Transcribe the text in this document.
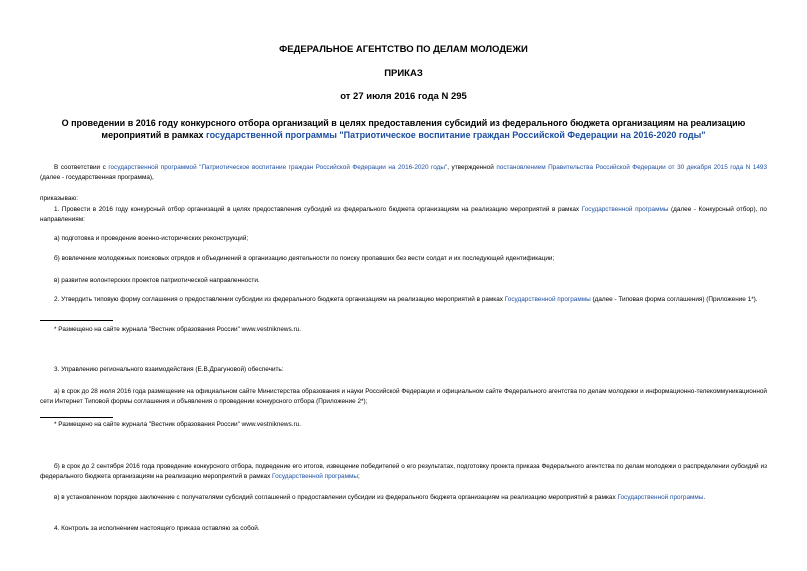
ФЕДЕРАЛЬНОЕ АГЕНТСТВО ПО ДЕЛАМ МОЛОДЕЖИ
ПРИКАЗ
от 27 июля 2016 года N 295
О проведении в 2016 году конкурсного отбора организаций в целях предоставления субсидий из федерального бюджета организациям на реализацию мероприятий в рамках государственной программы "Патриотическое воспитание граждан Российской Федерации на 2016-2020 годы"
В соответствии с государственной программой "Патриотическое воспитание граждан Российской Федерации на 2016-2020 годы", утвержденной постановлением Правительства Российской Федерации от 30 декабря 2015 года N 1493 (далее - государственная программа),
приказываю:
1. Провести в 2016 году конкурсный отбор организаций в целях предоставления субсидий из федерального бюджета организациям на реализацию мероприятий в рамках Государственной программы (далее - Конкурсный отбор), по направлениям:
а) подготовка и проведение военно-исторических реконструкций;
б) вовлечение молодежных поисковых отрядов и объединений в организацию деятельности по поиску пропавших без вести солдат и их последующей идентификации;
в) развитие волонтерских проектов патриотической направленности.
2. Утвердить типовую форму соглашения о предоставлении субсидии из федерального бюджета организациям на реализацию мероприятий в рамках Государственной программы (далее - Типовая форма соглашения) (Приложение 1*).
* Размещено на сайте журнала "Вестник образования России" www.vestniknews.ru.
3. Управлению регионального взаимодействия (Е.В.Драгуновой) обеспечить:
а) в срок до 28 июля 2016 года размещение на официальном сайте Министерства образования и науки Российской Федерации и официальном сайте Федерального агентства по делам молодежи и информационно-телекоммуникационной сети Интернет Типовой формы соглашения и объявления о проведении конкурсного отбора (Приложение 2*);
* Размещено на сайте журнала "Вестник образования России" www.vestniknews.ru.
б) в срок до 2 сентября 2016 года проведение конкурсного отбора, подведение его итогов, извещение победителей о его результатах, подготовку проекта приказа Федерального агентства по делам молодежи о распределении субсидий из федерального бюджета организациям на реализацию мероприятий в рамках Государственной программы;
в) в установленном порядке заключение с получателями субсидий соглашений о предоставлении субсидии из федерального бюджета организациям на реализацию мероприятий в рамках Государственной программы.
4. Контроль за исполнением настоящего приказа оставляю за собой.
